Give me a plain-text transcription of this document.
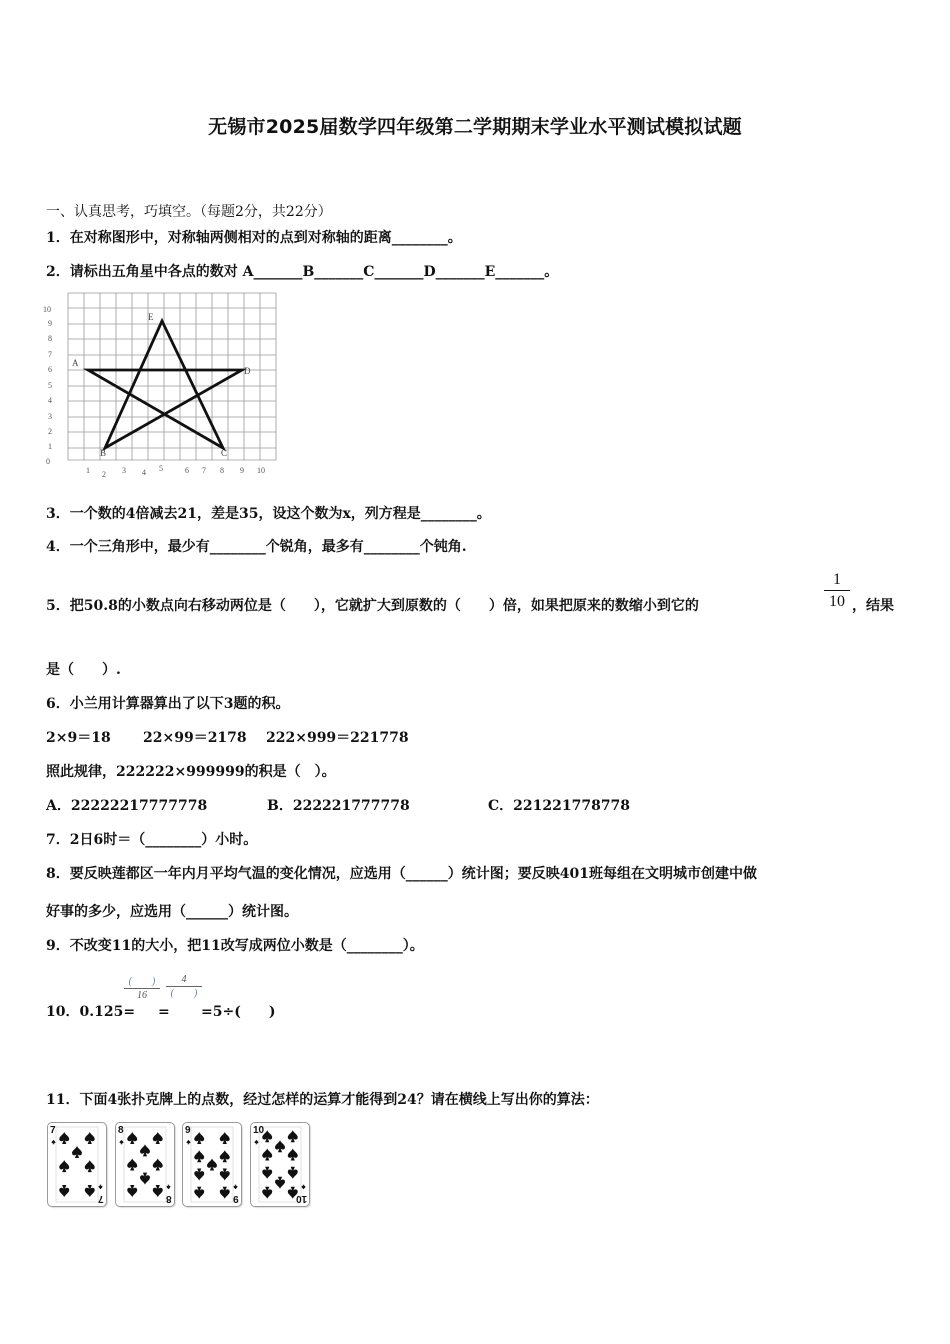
无锡市2025届数学四年级第二学期期末学业水平测试模拟试题
一、认真思考，巧填空。（每题2分，共22分）
1．在对称图形中，对称轴两侧相对的点到对称轴的距离________。
2．请标出五角星中各点的数对 A_______B_______C_______D_______E_______。
0
1
2
3
4
5
6
7
8
9
10
1 2 3 4 5	6 7 8 9 10
A
B	C
D
E
3．一个数的4倍减去21，差是35，设这个数为x，列方程是________。
4．一个三角形中，最少有________个锐角，最多有________个钝角.
5．把50.8的小数点向右移动两位是（　　），它就扩大到原数的（　　）倍，如果把原来的数缩小到它的	$\frac{1}{10}$ ，结果
是（　　）.
6．小兰用计算器算出了以下3题的积。
2×9＝18 22×99＝2178 222×999＝221778
照此规律，222222×999999的积是（　）。
A．22222217777778	B．222221777778	C．221221778778
7．2日6时＝（________）小时。
8．要反映莲都区一年内月平均气温的变化情况，应选用（______）统计图；要反映401班每组在文明城市创建中做
好事的多少，应选用（______）统计图。
9．不改变11的大小，把11改写成两位小数是（________）。
10．0.125=
(　　)
16
=
4
(　　)
=5÷(　　)
11．下面4张扑克牌上的点数，经过怎样的运算才能得到24？请在横线上写出你的算法：
7
7
8
8
9
9
10
10
